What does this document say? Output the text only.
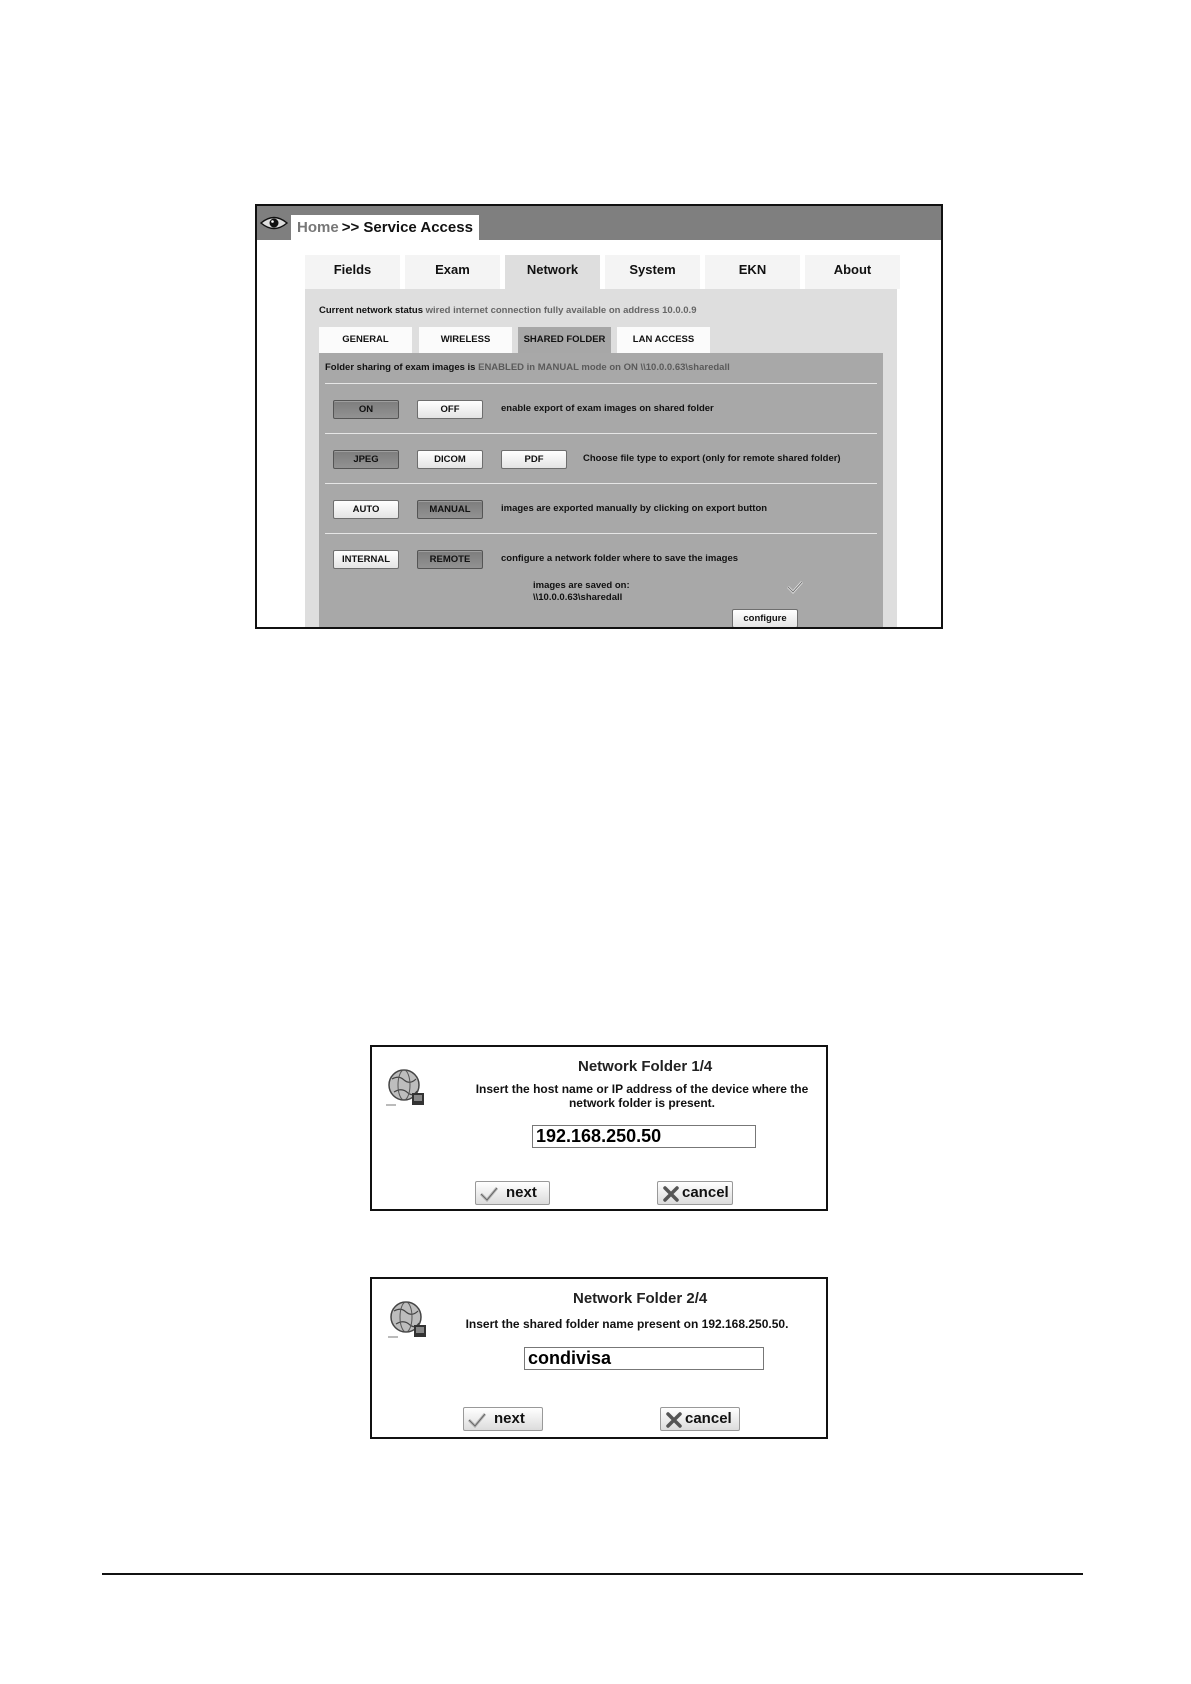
Home >> Service Access
Fields	Exam	Network	System	EKN	About
Current network status wired internet connection fully available on address 10.0.0.9
GENERAL	WIRELESS	SHARED FOLDER	LAN ACCESS
Folder sharing of exam images is ENABLED in MANUAL mode on ON \\10.0.0.63\sharedall
ON	OFF	enable export of exam images on shared folder
JPEG	DICOM	PDF	Choose file type to export (only for remote shared folder)
AUTO	MANUAL	images are exported manually by clicking on export button
INTERNAL	REMOTE	configure a network folder where to save the images
images are saved on:
\\10.0.0.63\sharedall
configure
Network Folder 1/4
Insert the host name or IP address of the device where the network folder is present.
192.168.250.50
next	cancel
Network Folder 2/4
Insert the shared folder name present on 192.168.250.50.
condivisa
next	cancel
